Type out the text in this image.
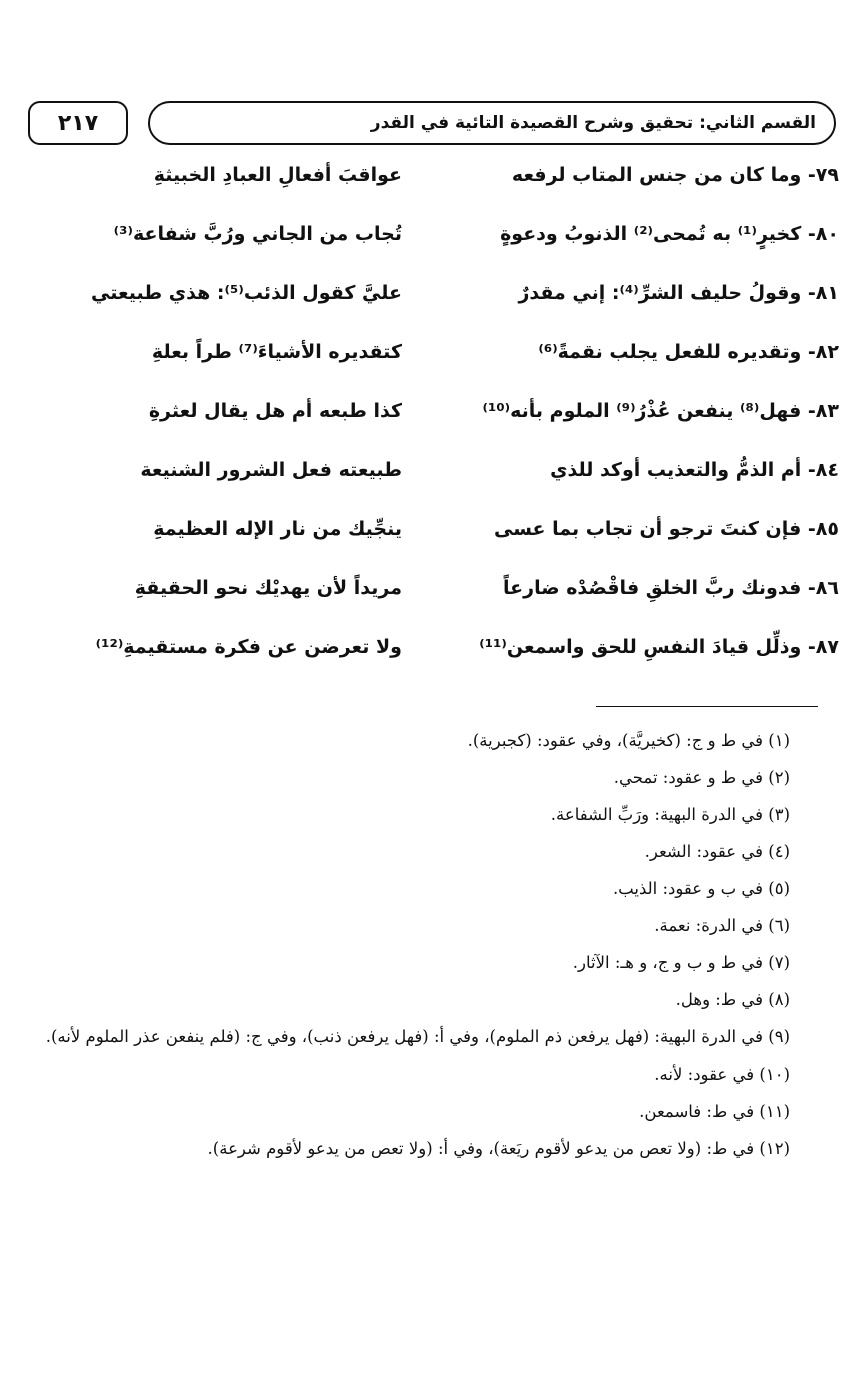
٢١٧	القسم الثاني: تحقيق وشرح القصيدة التائية في القدر
٧٩- وما كان من جنس المتاب لرفعه
عواقبَ أفعالِ العبادِ الخبيثةِ
٨٠- كخيرٍ⁽¹⁾ به تُمحى⁽²⁾ الذنوبُ ودعوةٍ
تُجاب من الجاني ورُبَّ شفاعة⁽³⁾
٨١- وقولُ حليف الشرِّ⁽⁴⁾: إني مقدرٌ
عليَّ كقول الذئب⁽⁵⁾: هذي طبيعتي
٨٢- وتقديره للفعل يجلب نقمةً⁽⁶⁾
كتقديره الأشياءَ⁽⁷⁾ طراً بعلةِ
٨٣- فهل⁽⁸⁾ ينفعن عُذْرُ⁽⁹⁾ الملوم بأنه⁽¹⁰⁾
كذا طبعه أم هل يقال لعثرةِ
٨٤- أم الذمُّ والتعذيب أوكد للذي
طبيعته فعل الشرور الشنيعة
٨٥- فإن كنتَ ترجو أن تجاب بما عسى
ينجِّيك من نار الإله العظيمةِ
٨٦- فدونك ربَّ الخلقِ فاقْصُدْه ضارعاً
مريداً لأن يهديْك نحو الحقيقةِ
٨٧- وذلِّل قيادَ النفسِ للحق واسمعن⁽¹¹⁾
ولا تعرضن عن فكرة مستقيمةِ⁽¹²⁾
(١) في ط و ج: (كخيريَّة)، وفي عقود: (كجبرية).
(٢) في ط و عقود: تمحي.
(٣) في الدرة البهية: ورَبِّ الشفاعة.
(٤) في عقود: الشعر.
(٥) في ب و عقود: الذيب.
(٦) في الدرة: نعمة.
(٧) في ط و ب و ج، و هـ: الآثار.
(٨) في ط: وهل.
(٩) في الدرة البهية: (فهل يرفعن ذم الملوم)، وفي أ: (فهل يرفعن ذنب)، وفي ج: (فلم ينفعن عذر الملوم لأنه).
(١٠) في عقود: لأنه.
(١١) في ط: فاسمعن.
(١٢) في ط: (ولا تعص من يدعو لأقوم ريَعة)، وفي أ: (ولا تعص من يدعو لأقوم شرعة).
